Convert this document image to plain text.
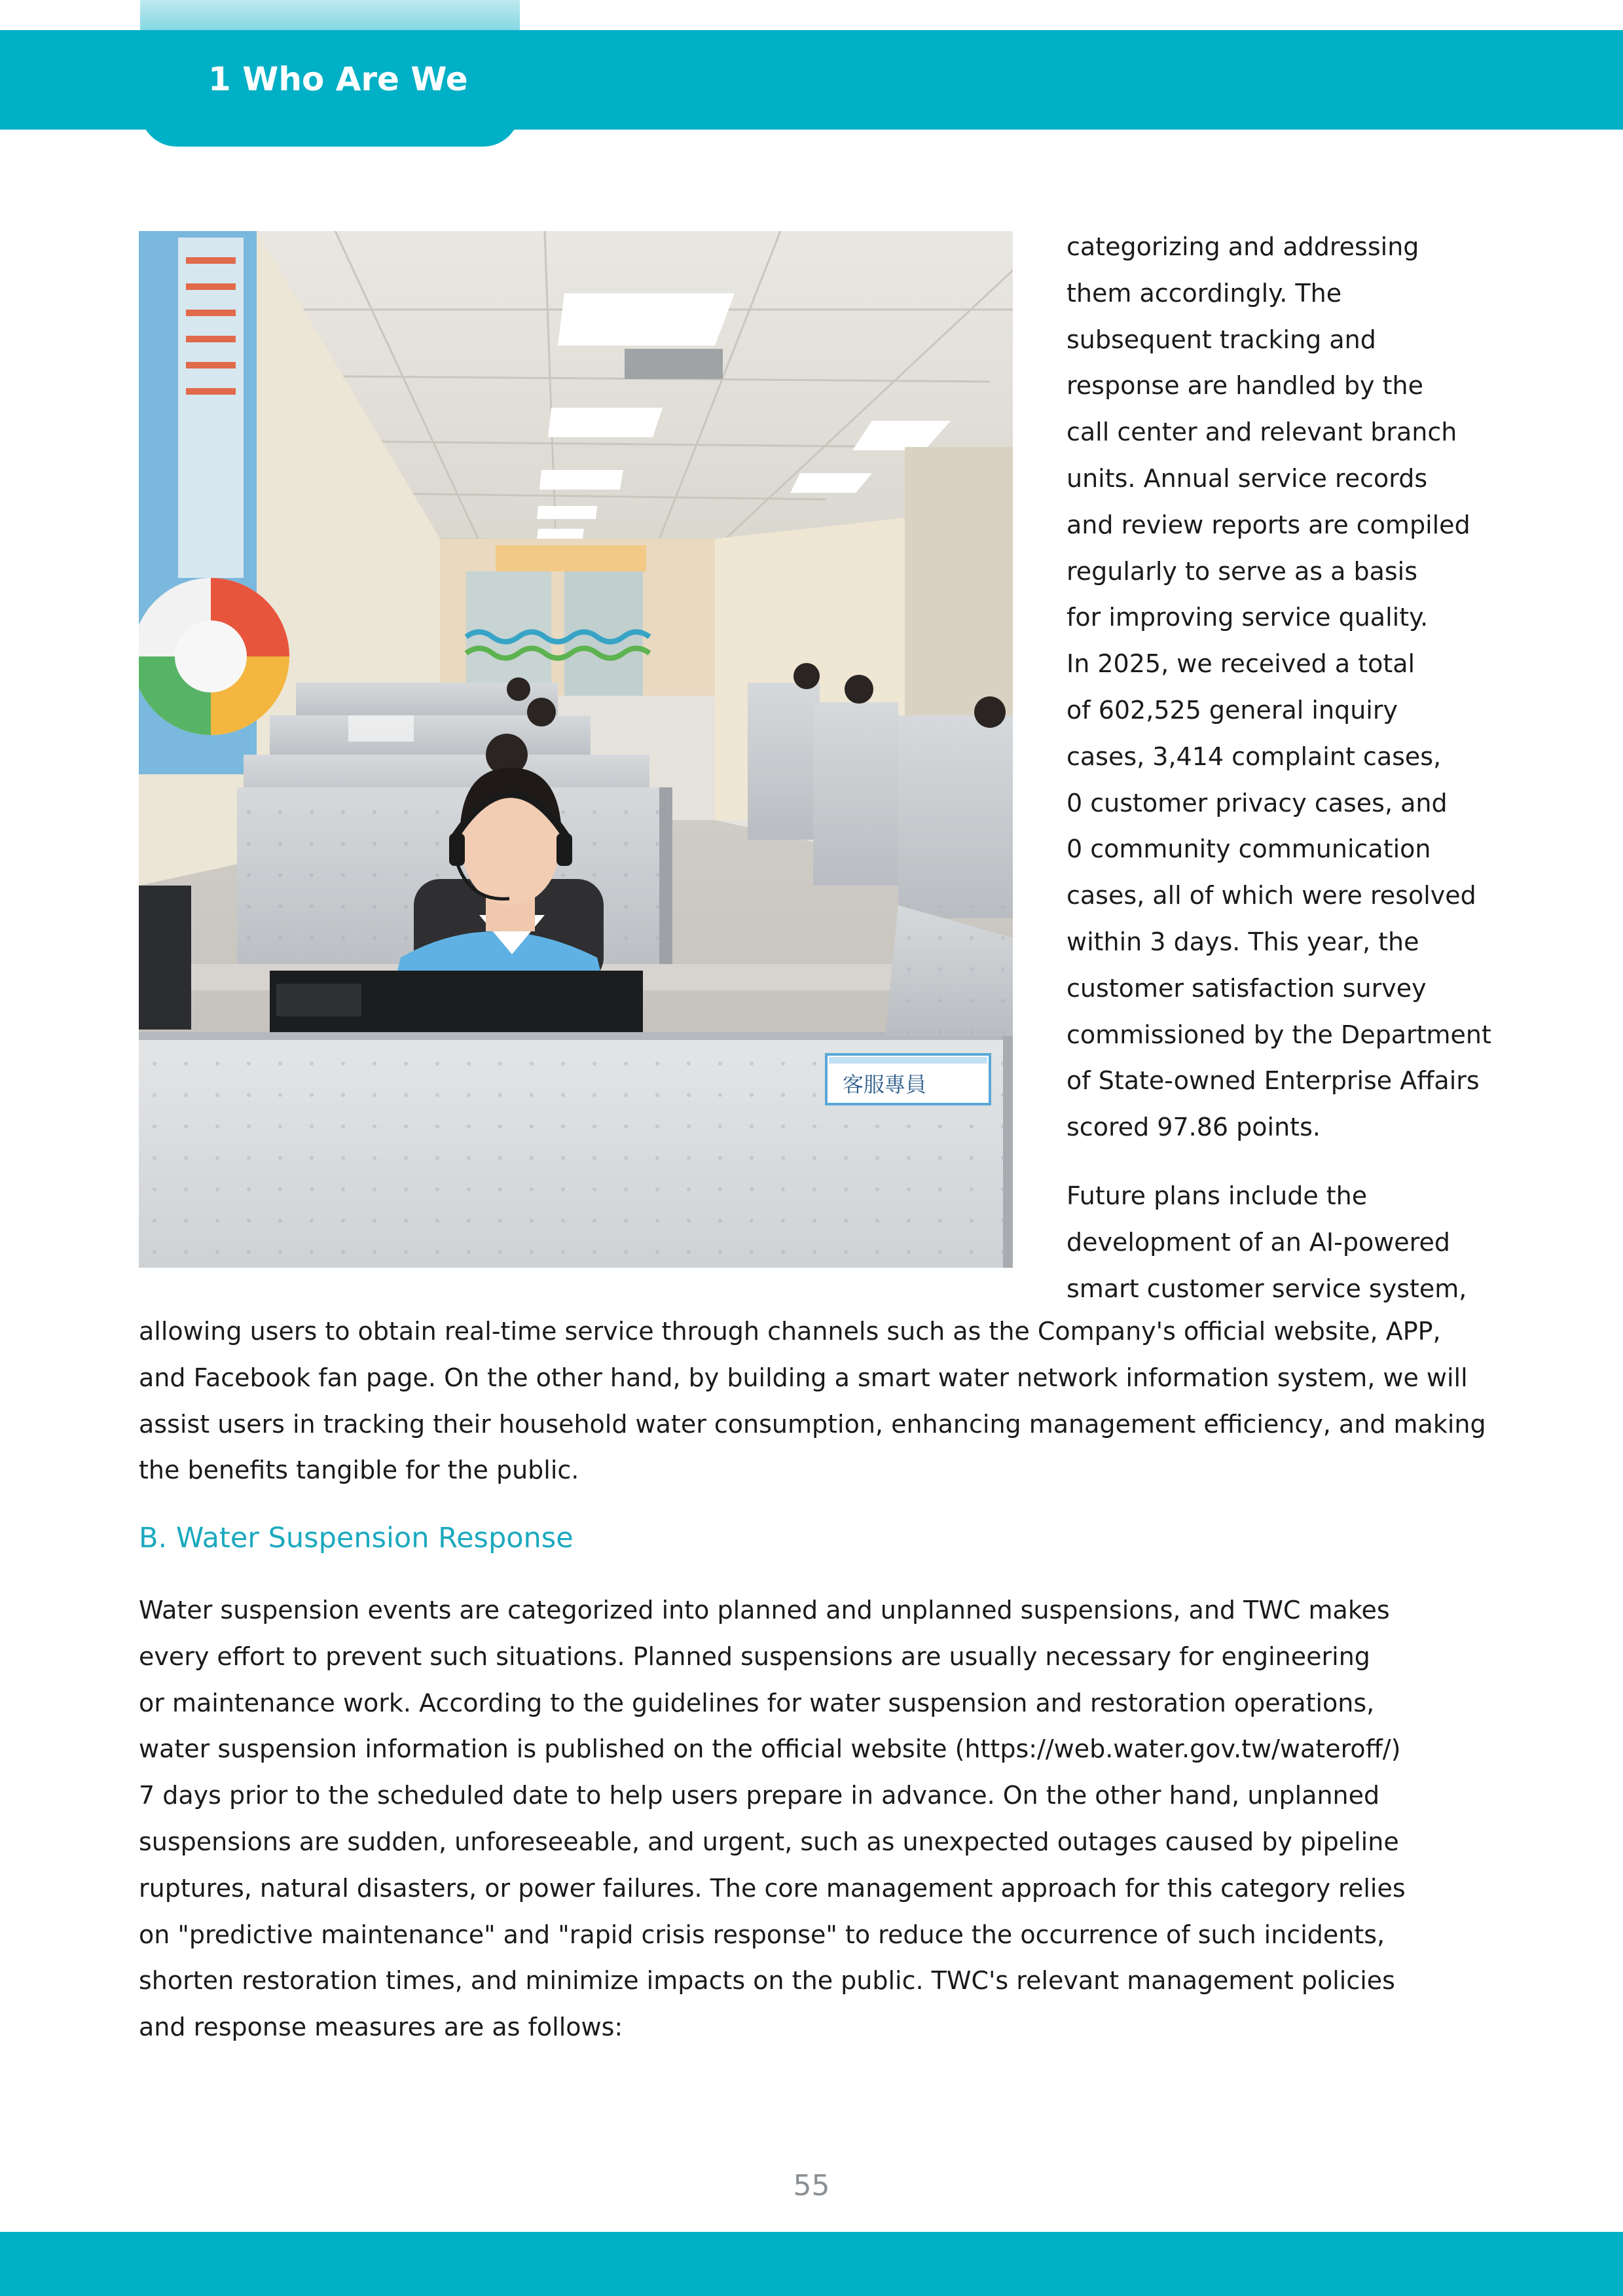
1 Who Are We
客服專員

categorizing and addressing
them accordingly. The
subsequent tracking and
response are handled by the
call center and relevant branch
units. Annual service records
and review reports are compiled
regularly to serve as a basis
for improving service quality.
In 2025, we received a total
of 602,525 general inquiry
cases, 3,414 complaint cases,
0 customer privacy cases, and
0 community communication
cases, all of which were resolved
within 3 days. This year, the
customer satisfaction survey
commissioned by the Department
of State-owned Enterprise Affairs
scored 97.86 points.

Future plans include the
development of an AI-powered
smart customer service system,

allowing users to obtain real-time service through channels such as the Company's official website, APP,
and Facebook fan page. On the other hand, by building a smart water network information system, we will
assist users in tracking their household water consumption, enhancing management efficiency, and making
the benefits tangible for the public.

B. Water Suspension Response

Water suspension events are categorized into planned and unplanned suspensions, and TWC makes
every effort to prevent such situations. Planned suspensions are usually necessary for engineering
or maintenance work. According to the guidelines for water suspension and restoration operations,
water suspension information is published on the official website (https://web.water.gov.tw/wateroff/)
7 days prior to the scheduled date to help users prepare in advance. On the other hand, unplanned
suspensions are sudden, unforeseeable, and urgent, such as unexpected outages caused by pipeline
ruptures, natural disasters, or power failures. The core management approach for this category relies
on "predictive maintenance" and "rapid crisis response" to reduce the occurrence of such incidents,
shorten restoration times, and minimize impacts on the public. TWC's relevant management policies
and response measures are as follows:

55
